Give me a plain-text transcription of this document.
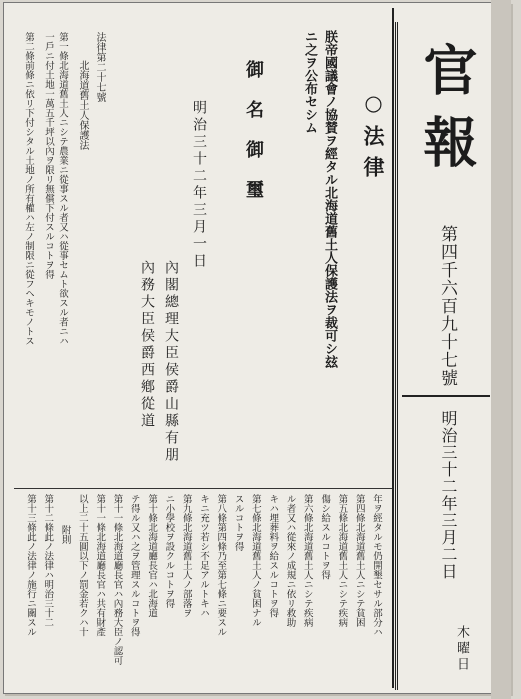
官報
第四千六百九十七號
明治三十二年三月二日
木曜日
○法律
朕帝國議會ノ協賛ヲ經タル北海道舊土人保護法ヲ裁可シ玆
ニ之ヲ公布セシム
御名御璽
明治三十二年三月一日
內閣總理大臣侯爵山縣有朋
內務大臣侯爵西鄕從道
法律第二十七號
北海道舊土人保護法
第一條北海道舊土人ニシテ農業ニ從事スル者又ハ從事セムト欲スル者ニハ
一戶ニ付土地一萬五千坪以內ヲ限リ無償下付スルコトヲ得
第二條前條ニ依リ下付シタル土地ノ所有權ハ左ノ制限ニ從フヘキモノトス
年ヲ經タルモ仍開墾セサル部分ハ
第四條北海道舊土人ニシテ貧困
第五條北海道舊土人ニシテ疾病
傷シ給スルコトヲ得
第六條北海道舊土人ニシテ疾病
ル者又ハ從來ノ成規ニ依リ救助
キハ埋葬料ヲ給スルコトヲ得
第七條北海道舊土人ノ貧困ナル
スルコトヲ得
第八條第四條乃至第七條ニ要スル
キニ充ツ若シ不足アルトキハ
第九條北海道舊土人ノ部落ヲ
ニ小學校ヲ設クルコトヲ得
第十條北海道廳長官ハ北海道
テ得ル又ハ之ヲ管理スルコトヲ得
第十一條北海道廳長官ハ內務大臣ノ認可
第十一條北海道廳長官ハ共有財產
以上二十五圓以下ノ罰金若クハ十
附則
第十二條此ノ法律ハ明治三十二
第十三條此ノ法律ノ施行ニ關スル
